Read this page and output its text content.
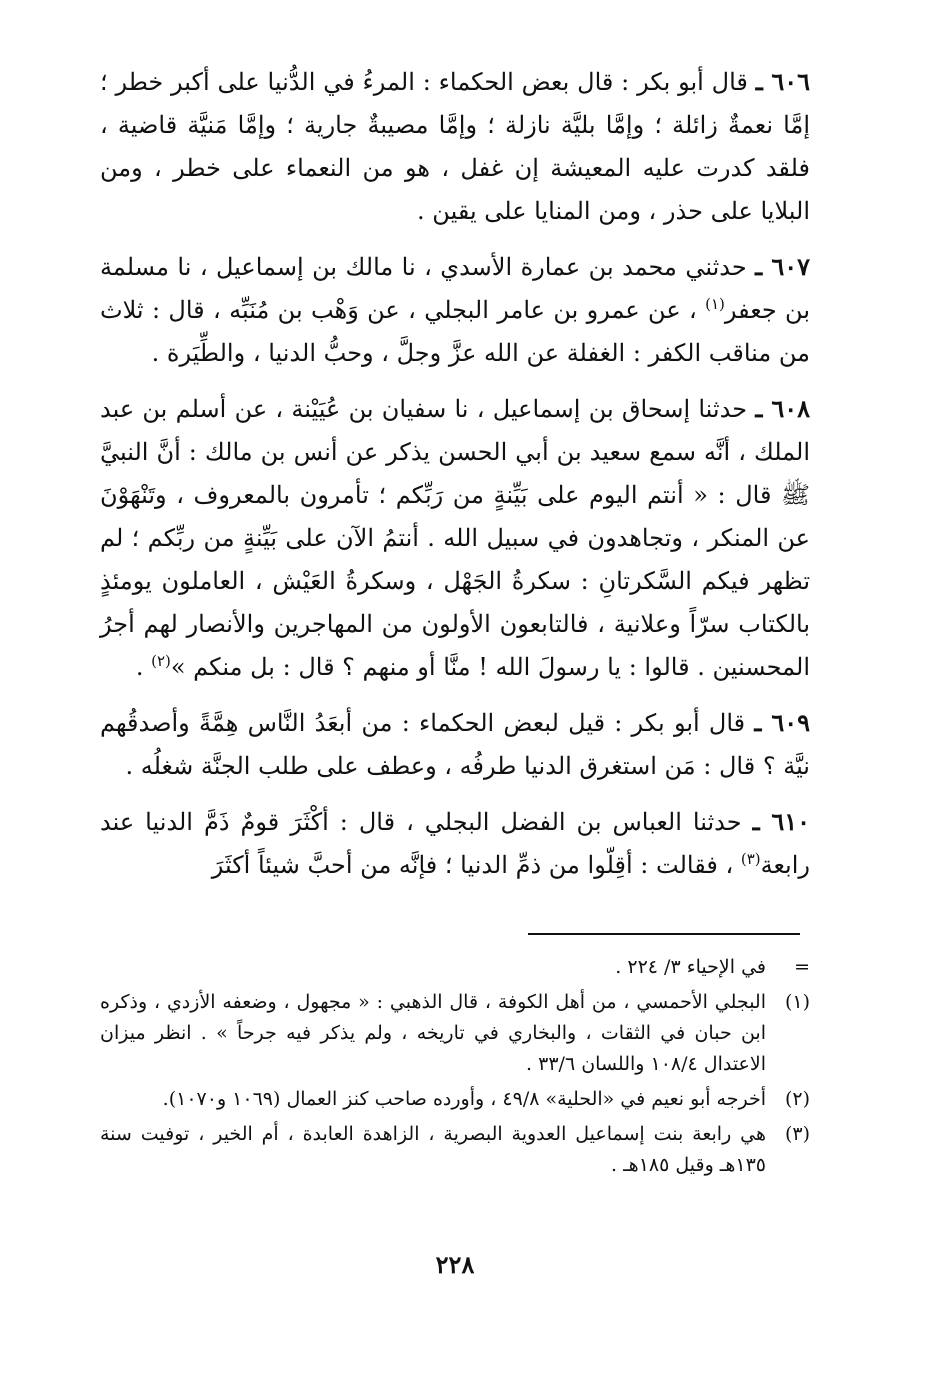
٦٠٦ ـ قال أبو بكر : قال بعض الحكماء : المرءُ في الدُّنيا على أكبر خطر ؛ إمَّا نعمةٌ زائلة ؛ وإمَّا بليَّة نازلة ؛ وإمَّا مصيبةٌ جارية ؛ وإمَّا مَنيَّة قاضية ، فلقد كدرت عليه المعيشة إن غفل ، هو من النعماء على خطر ، ومن البلايا على حذر ، ومن المنايا على يقين .

٦٠٧ ـ حدثني محمد بن عمارة الأسدي ، نا مالك بن إسماعيل ، نا مسلمة بن جعفر$^{(١)}$ ، عن عمرو بن عامر البجلي ، عن وَهْب بن مُنَبِّه ، قال : ثلاث من مناقب الكفر : الغفلة عن الله عزَّ وجلَّ ، وحبُّ الدنيا ، والطِّيَرة .

٦٠٨ ـ حدثنا إسحاق بن إسماعيل ، نا سفيان بن عُيَيْنة ، عن أسلم بن عبد الملك ، أنَّه سمع سعيد بن أبي الحسن يذكر عن أنس بن مالك : أنَّ النبيَّ ﷺ قال : « أنتم اليوم على بَيِّنةٍ من رَبِّكم ؛ تأمرون بالمعروف ، وتَنْهَوْنَ عن المنكر ، وتجاهدون في سبيل الله . أنتمُ الآن على بَيِّنةٍ من ربِّكم ؛ لم تظهر فيكم السَّكرتانِ : سكرةُ الجَهْل ، وسكرةُ العَيْش ، العاملون يومئذٍ بالكتاب سرّاً وعلانية ، فالتابعون الأولون من المهاجرين والأنصار لهم أجرُ المحسنين . قالوا : يا رسولَ الله ! منَّا أو منهم ؟ قال : بل منكم »$^{(٢)}$ .

٦٠٩ ـ قال أبو بكر : قيل لبعض الحكماء : من أبعَدُ النَّاس هِمَّةً وأصدقُهم نيَّة ؟ قال : مَن استغرق الدنيا طرفُه ، وعطف على طلب الجنَّة شغلُه .

٦١٠ ـ حدثنا العباس بن الفضل البجلي ، قال : أكْثَرَ قومٌ ذَمَّ الدنيا عند رابعة$^{(٣)}$ ، فقالت : أقِلّوا من ذمِّ الدنيا ؛ فإنَّه من أحبَّ شيئاً أكثَرَ

=
في الإحياء ٣/ ٢٢٤ .
(١)
البجلي الأحمسي ، من أهل الكوفة ، قال الذهبي : « مجهول ، وضعفه الأزدي ، وذكره ابن حبان في الثقات ، والبخاري في تاريخه ، ولم يذكر فيه جرحاً » . انظر ميزان الاعتدال ١٠٨/٤ واللسان ٣٣/٦ .
(٢)
أخرجه أبو نعيم في «الحلية» ٤٩/٨ ، وأورده صاحب كنز العمال (١٠٦٩ و١٠٧٠).
(٣)
هي رابعة بنت إسماعيل العدوية البصرية ، الزاهدة العابدة ، أم الخير ، توفيت سنة ١٣٥هـ وقيل ١٨٥هـ .
٢٢٨
